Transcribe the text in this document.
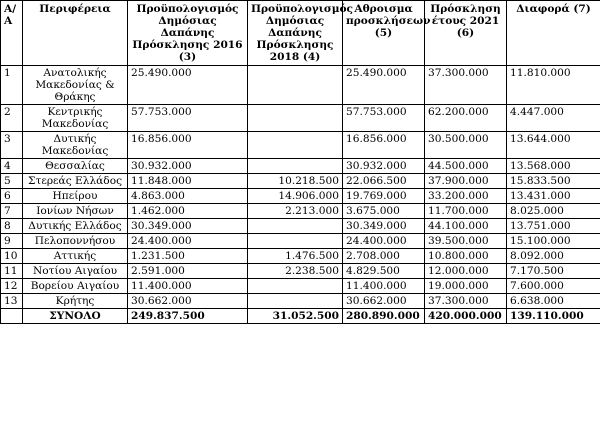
Α/Α	Περιφέρεια	Προϋπολογισμός Δημόσιας Δαπάνης Πρόσκλησης 2016 (3)	Προϋπολογισμός Δημόσιας Δαπάνης Πρόσκλησης 2018 (4)	Αθροισμα προσκλήσεων (5)	Πρόσκληση έτους 2021 (6)	Διαφορά (7)
1	Ανατολικής Μακεδονίας & Θράκης	25.490.000		25.490.000	37.300.000	11.810.000
2	Κεντρικής Μακεδονίας	57.753.000		57.753.000	62.200.000	4.447.000
3	Δυτικής Μακεδονίας	16.856.000		16.856.000	30.500.000	13.644.000
4	Θεσσαλίας	30.932.000		30.932.000	44.500.000	13.568.000
5	Στερεάς Ελλάδος	11.848.000	10.218.500	22.066.500	37.900.000	15.833.500
6	Ηπείρου	4.863.000	14.906.000	19.769.000	33.200.000	13.431.000
7	Ιονίων Νήσων	1.462.000	2.213.000	3.675.000	11.700.000	8.025.000
8	Δυτικής Ελλάδος	30.349.000		30.349.000	44.100.000	13.751.000
9	Πελοποννήσου	24.400.000		24.400.000	39.500.000	15.100.000
10	Αττικής	1.231.500	1.476.500	2.708.000	10.800.000	8.092.000
11	Νοτίου Αιγαίου	2.591.000	2.238.500	4.829.500	12.000.000	7.170.500
12	Βορείου Αιγαίου	11.400.000		11.400.000	19.000.000	7.600.000
13	Κρήτης	30.662.000		30.662.000	37.300.000	6.638.000
	ΣΥΝΟΛΟ	249.837.500	31.052.500	280.890.000	420.000.000	139.110.000
